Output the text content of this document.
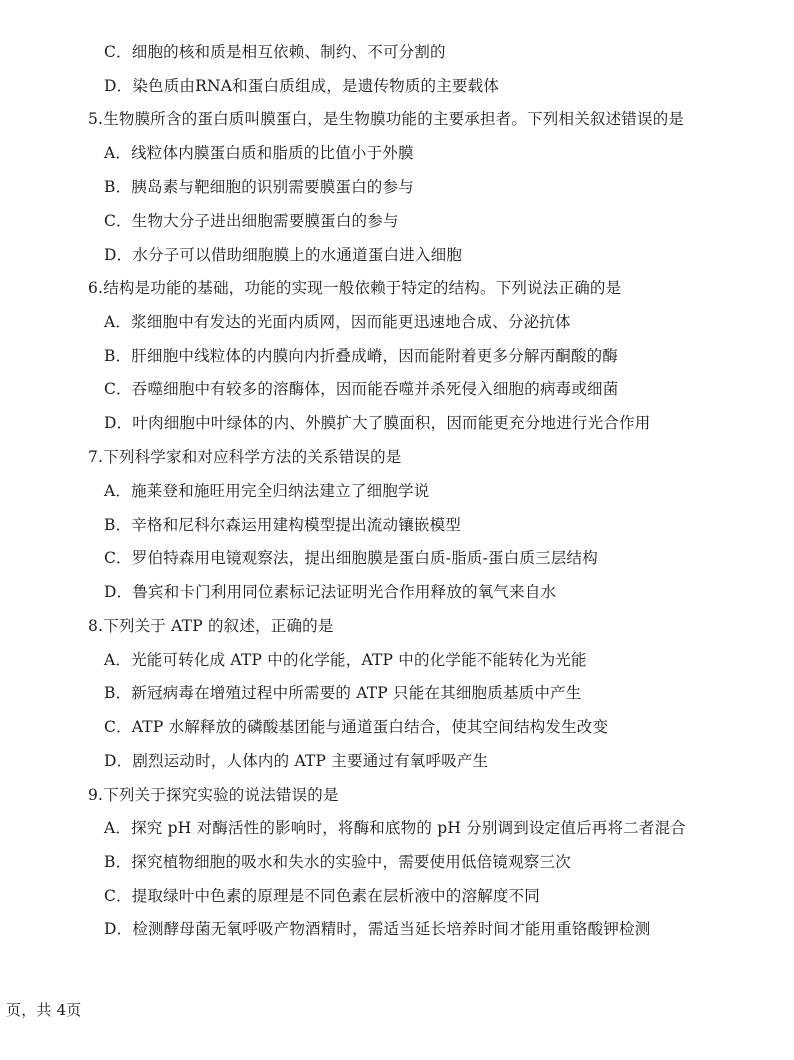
C．细胞的核和质是相互依赖、制约、不可分割的
D．染色质由RNA和蛋白质组成，是遗传物质的主要载体
5.生物膜所含的蛋白质叫膜蛋白，是生物膜功能的主要承担者。下列相关叙述错误的是
A．线粒体内膜蛋白质和脂质的比值小于外膜
B．胰岛素与靶细胞的识别需要膜蛋白的参与
C．生物大分子进出细胞需要膜蛋白的参与
D．水分子可以借助细胞膜上的水通道蛋白进入细胞
6.结构是功能的基础，功能的实现一般依赖于特定的结构。下列说法正确的是
A．浆细胞中有发达的光面内质网，因而能更迅速地合成、分泌抗体
B．肝细胞中线粒体的内膜向内折叠成嵴，因而能附着更多分解丙酮酸的酶
C．吞噬细胞中有较多的溶酶体，因而能吞噬并杀死侵入细胞的病毒或细菌
D．叶肉细胞中叶绿体的内、外膜扩大了膜面积，因而能更充分地进行光合作用
7.下列科学家和对应科学方法的关系错误的是
A．施莱登和施旺用完全归纳法建立了细胞学说
B．辛格和尼科尔森运用建构模型提出流动镶嵌模型
C．罗伯特森用电镜观察法，提出细胞膜是蛋白质-脂质-蛋白质三层结构
D．鲁宾和卡门利用同位素标记法证明光合作用释放的氧气来自水
8.下列关于 ATP 的叙述，正确的是
A．光能可转化成 ATP 中的化学能，ATP 中的化学能不能转化为光能
B．新冠病毒在增殖过程中所需要的 ATP 只能在其细胞质基质中产生
C．ATP 水解释放的磷酸基团能与通道蛋白结合，使其空间结构发生改变
D．剧烈运动时，人体内的 ATP 主要通过有氧呼吸产生
9.下列关于探究实验的说法错误的是
A．探究 pH 对酶活性的影响时，将酶和底物的 pH 分别调到设定值后再将二者混合
B．探究植物细胞的吸水和失水的实验中，需要使用低倍镜观察三次
C．提取绿叶中色素的原理是不同色素在层析液中的溶解度不同
D．检测酵母菌无氧呼吸产物酒精时，需适当延长培养时间才能用重铬酸钾检测
页，共 4页
